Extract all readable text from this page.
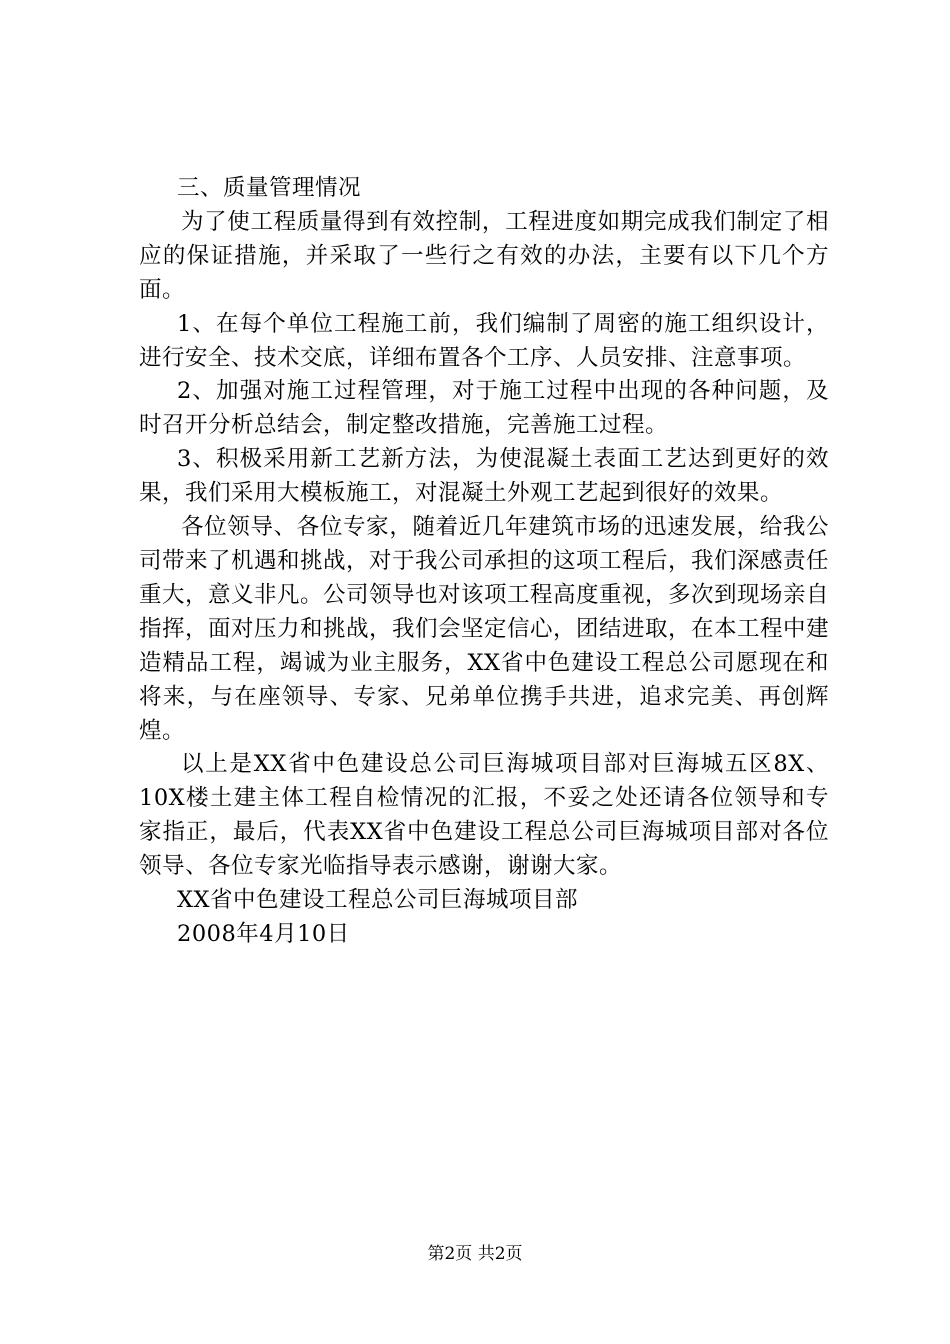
三、质量管理情况

为了使工程质量得到有效控制，工程进度如期完成我们制定了相应的保证措施，并采取了一些行之有效的办法，主要有以下几个方面。

1、在每个单位工程施工前，我们编制了周密的施工组织设计，进行安全、技术交底，详细布置各个工序、人员安排、注意事项。

2、加强对施工过程管理，对于施工过程中出现的各种问题，及时召开分析总结会，制定整改措施，完善施工过程。

3、积极采用新工艺新方法，为使混凝土表面工艺达到更好的效果，我们采用大模板施工，对混凝土外观工艺起到很好的效果。

各位领导、各位专家，随着近几年建筑市场的迅速发展，给我公司带来了机遇和挑战，对于我公司承担的这项工程后，我们深感责任重大，意义非凡。公司领导也对该项工程高度重视，多次到现场亲自指挥，面对压力和挑战，我们会坚定信心，团结进取，在本工程中建造精品工程，竭诚为业主服务，XX省中色建设工程总公司愿现在和将来，与在座领导、专家、兄弟单位携手共进，追求完美、再创辉煌。

以上是XX省中色建设总公司巨海城项目部对巨海城五区8X、10X楼土建主体工程自检情况的汇报，不妥之处还请各位领导和专家指正，最后，代表XX省中色建设工程总公司巨海城项目部对各位领导、各位专家光临指导表示感谢，谢谢大家。

XX省中色建设工程总公司巨海城项目部

2008年4月10日

第2页 共2页
